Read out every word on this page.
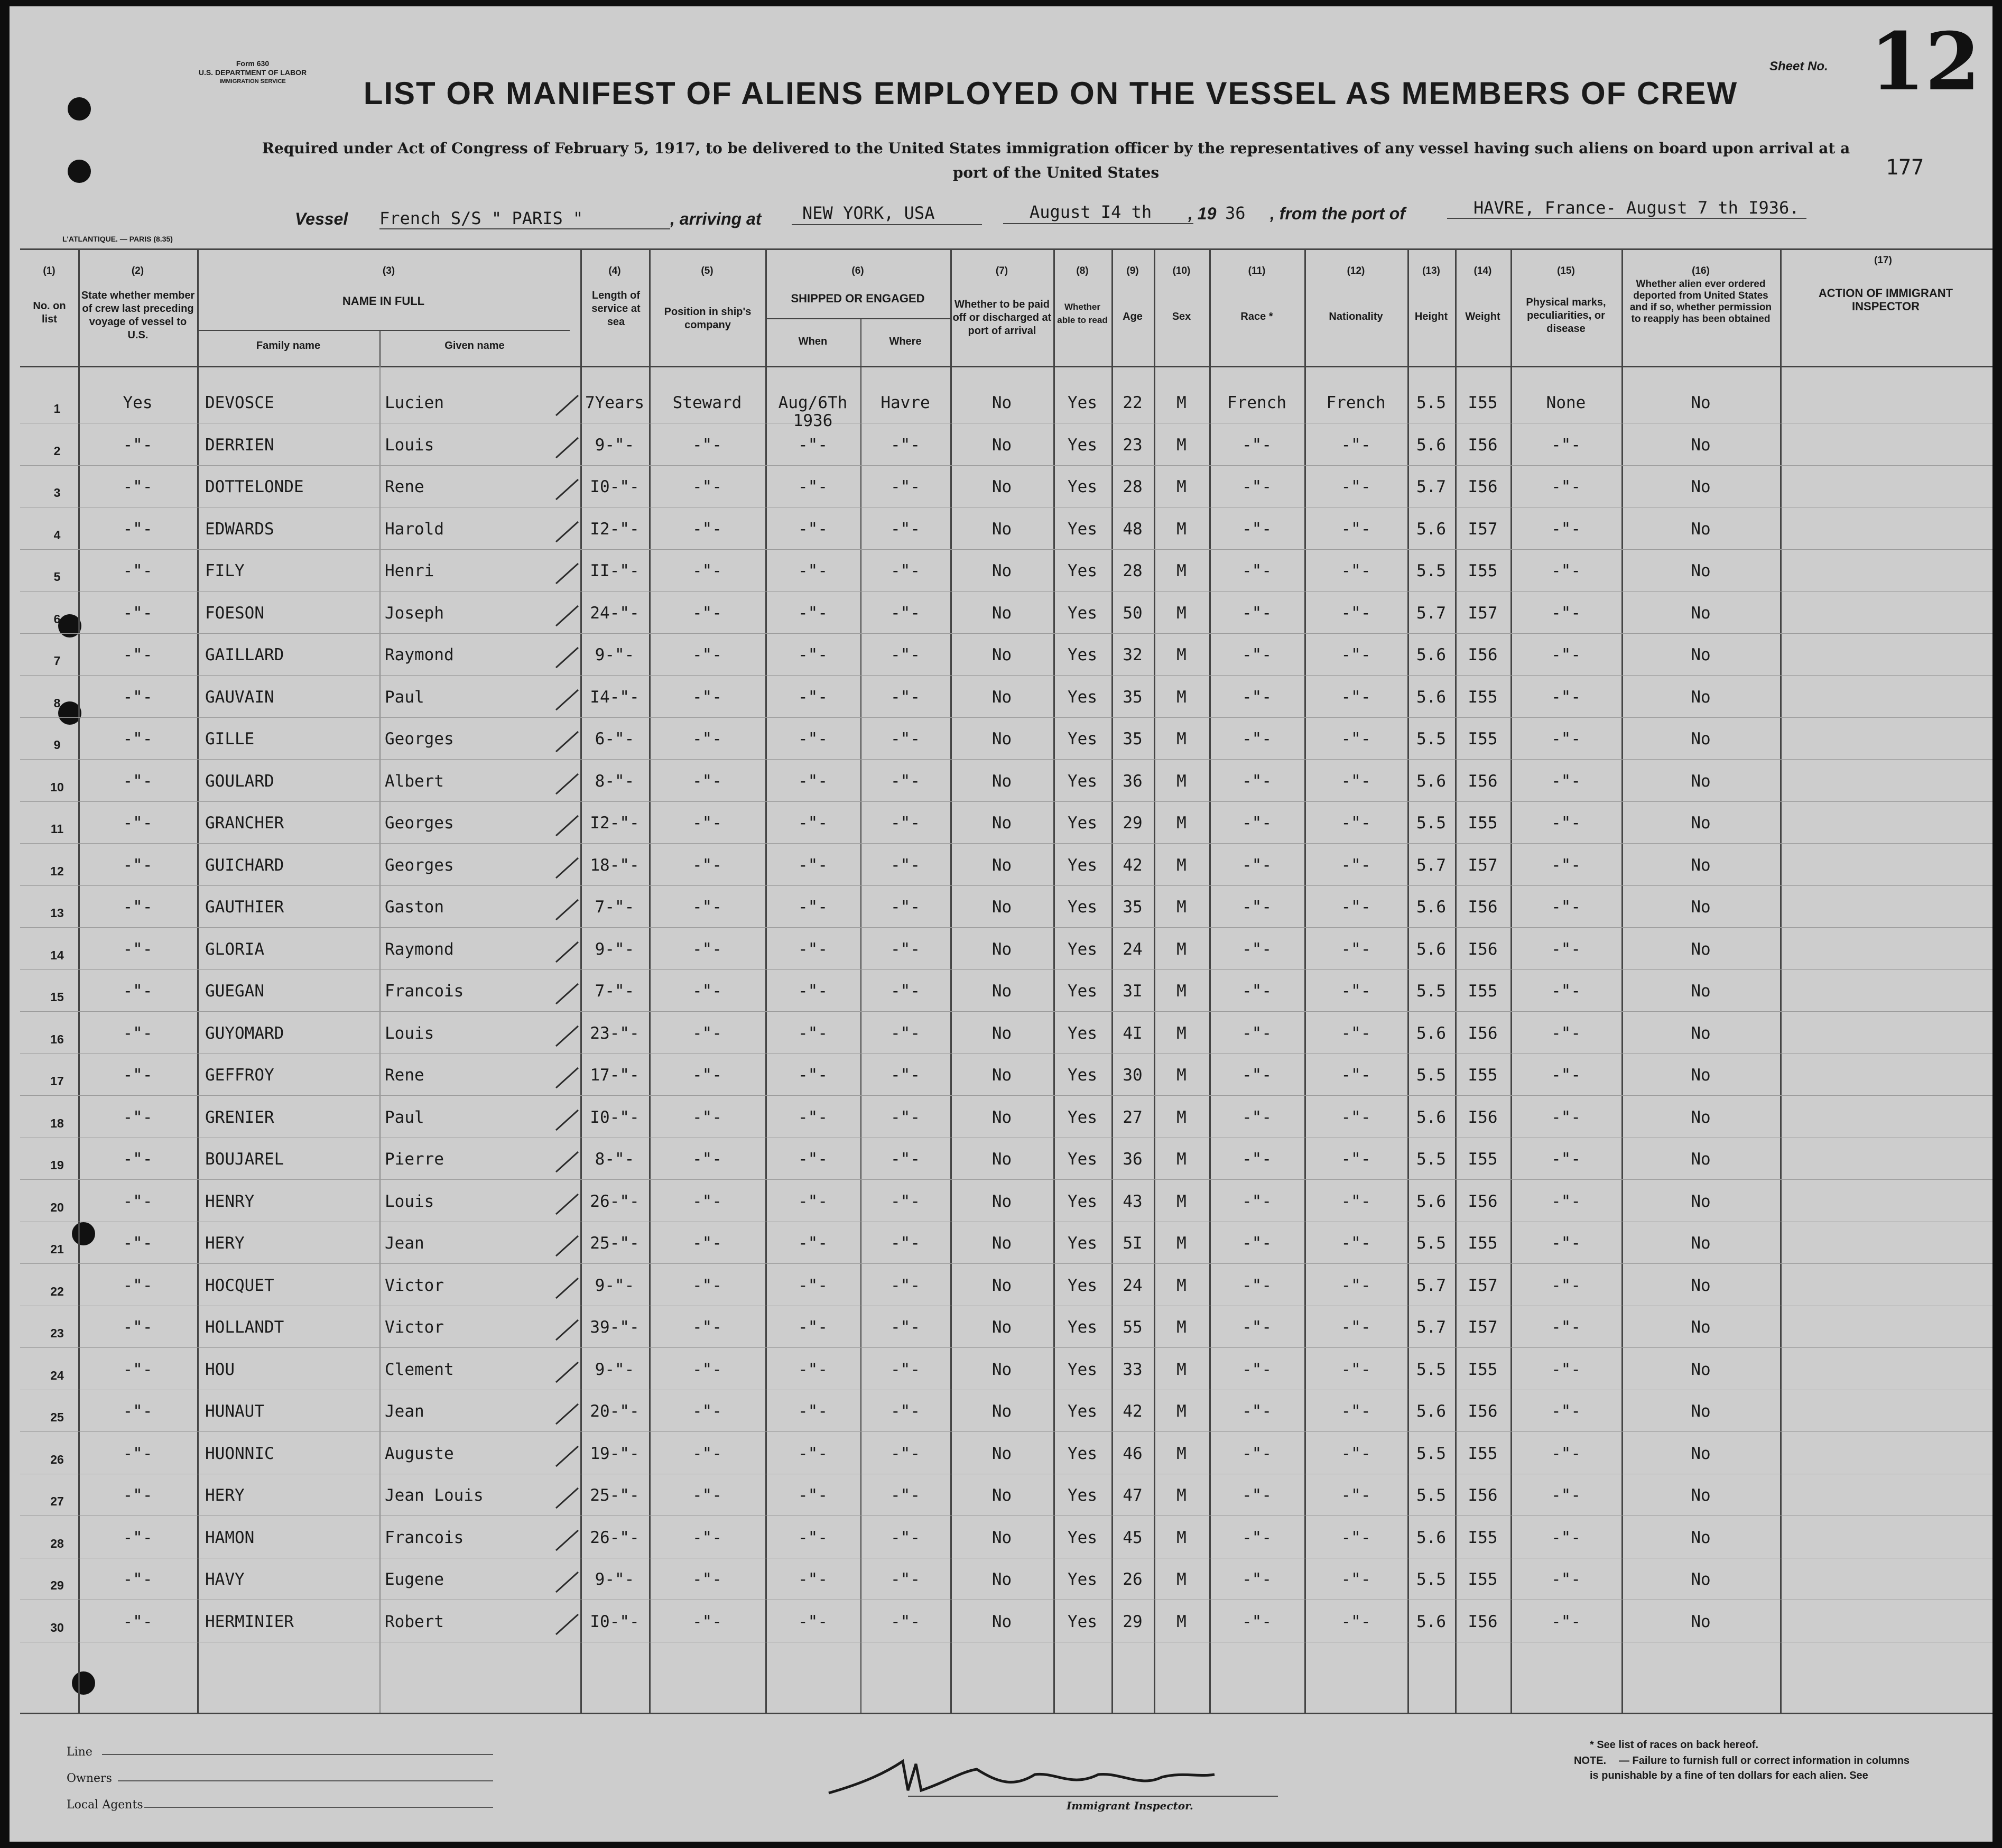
Form 630
U.S. DEPARTMENT OF LABOR
IMMIGRATION SERVICE
Sheet No. 12
LIST OR MANIFEST OF ALIENS EMPLOYED ON THE VESSEL AS MEMBERS OF CREW
Required under Act of Congress of February 5, 1917, to be delivered to the United States immigration officer by the representatives of any vessel having such aliens on board upon arrival at a
port of the United States	177
Vessel French S/S " PARIS "	, arriving at NEW YORK, USA	August I4 th , 19 36 , from the port of	HAVRE, France- August 7 th I936.
L'ATLANTIQUE. — PARIS (8.35)
(1)	(2)	(3)	(4)	(5)	(6)	(7)	(8)	(9)	(10)	(11)	(12)	(13)	(14)	(15)	(16)
(17)
No. on list
State whether member of crew last preceding voyage of vessel to U.S.
NAME IN FULL
Family name	Given name
Length of service at sea
Position in ship's company
SHIPPED OR ENGAGED
When	Where
Whether to be paid off or discharged at port of arrival
Whether able to read	Age	Sex	Race *	Nationality	Height	Weight
Physical marks, peculiarities, or disease
Whether alien ever ordered deported from United States and if so, whether permission to reapply has been obtained
ACTION OF IMMIGRANT INSPECTOR
1	Yes	DEVOSCE	Lucien	7Years	Steward	Aug/6Th	Havre	No	Yes	22	M	French	French	5.5	I55	None	No
1936
2	-"-	DERRIEN	Louis	9-"-	-"-	-"-	-"-	No	Yes	23	M	-"-	-"-	5.6	I56	-"-	No
3	-"-	DOTTELONDE	Rene	I0-"-	-"-	-"-	-"-	No	Yes	28	M	-"-	-"-	5.7	I56	-"-	No
4	-"-	EDWARDS	Harold	I2-"-	-"-	-"-	-"-	No	Yes	48	M	-"-	-"-	5.6	I57	-"-	No
5	-"-	FILY	Henri	II-"-	-"-	-"-	-"-	No	Yes	28	M	-"-	-"-	5.5	I55	-"-	No
6	-"-	FOESON	Joseph	24-"-	-"-	-"-	-"-	No	Yes	50	M	-"-	-"-	5.7	I57	-"-	No
7	-"-	GAILLARD	Raymond	9-"-	-"-	-"-	-"-	No	Yes	32	M	-"-	-"-	5.6	I56	-"-	No
8	-"-	GAUVAIN	Paul	I4-"-	-"-	-"-	-"-	No	Yes	35	M	-"-	-"-	5.6	I55	-"-	No
9	-"-	GILLE	Georges	6-"-	-"-	-"-	-"-	No	Yes	35	M	-"-	-"-	5.5	I55	-"-	No
10	-"-	GOULARD	Albert	8-"-	-"-	-"-	-"-	No	Yes	36	M	-"-	-"-	5.6	I56	-"-	No
11	-"-	GRANCHER	Georges	I2-"-	-"-	-"-	-"-	No	Yes	29	M	-"-	-"-	5.5	I55	-"-	No
12	-"-	GUICHARD	Georges	18-"-	-"-	-"-	-"-	No	Yes	42	M	-"-	-"-	5.7	I57	-"-	No
13	-"-	GAUTHIER	Gaston	7-"-	-"-	-"-	-"-	No	Yes	35	M	-"-	-"-	5.6	I56	-"-	No
14	-"-	GLORIA	Raymond	9-"-	-"-	-"-	-"-	No	Yes	24	M	-"-	-"-	5.6	I56	-"-	No
15	-"-	GUEGAN	Francois	7-"-	-"-	-"-	-"-	No	Yes	3I	M	-"-	-"-	5.5	I55	-"-	No
16	-"-	GUYOMARD	Louis	23-"-	-"-	-"-	-"-	No	Yes	4I	M	-"-	-"-	5.6	I56	-"-	No
17	-"-	GEFFROY	Rene	17-"-	-"-	-"-	-"-	No	Yes	30	M	-"-	-"-	5.5	I55	-"-	No
18	-"-	GRENIER	Paul	I0-"-	-"-	-"-	-"-	No	Yes	27	M	-"-	-"-	5.6	I56	-"-	No
19	-"-	BOUJAREL	Pierre	8-"-	-"-	-"-	-"-	No	Yes	36	M	-"-	-"-	5.5	I55	-"-	No
20	-"-	HENRY	Louis	26-"-	-"-	-"-	-"-	No	Yes	43	M	-"-	-"-	5.6	I56	-"-	No
21	-"-	HERY	Jean	25-"-	-"-	-"-	-"-	No	Yes	5I	M	-"-	-"-	5.5	I55	-"-	No
22	-"-	HOCQUET	Victor	9-"-	-"-	-"-	-"-	No	Yes	24	M	-"-	-"-	5.7	I57	-"-	No
23	-"-	HOLLANDT	Victor	39-"-	-"-	-"-	-"-	No	Yes	55	M	-"-	-"-	5.7	I57	-"-	No
24	-"-	HOU	Clement	9-"-	-"-	-"-	-"-	No	Yes	33	M	-"-	-"-	5.5	I55	-"-	No
25	-"-	HUNAUT	Jean	20-"-	-"-	-"-	-"-	No	Yes	42	M	-"-	-"-	5.6	I56	-"-	No
26	-"-	HUONNIC	Auguste	19-"-	-"-	-"-	-"-	No	Yes	46	M	-"-	-"-	5.5	I55	-"-	No
27	-"-	HERY	Jean Louis	25-"-	-"-	-"-	-"-	No	Yes	47	M	-"-	-"-	5.5	I56	-"-	No
28	-"-	HAMON	Francois	26-"-	-"-	-"-	-"-	No	Yes	45	M	-"-	-"-	5.6	I55	-"-	No
29	-"-	HAVY	Eugene	9-"-	-"-	-"-	-"-	No	Yes	26	M	-"-	-"-	5.5	I55	-"-	No
30	-"-	HERMINIER	Robert	I0-"-	-"-	-"-	-"-	No	Yes	29	M	-"-	-"-	5.6	I56	-"-	No
Line
Owners
Local Agents	Immigrant Inspector.
* See list of races on back hereof.
NOTE. — Failure to furnish full or correct information in columns
is punishable by a fine of ten dollars for each alien. See
